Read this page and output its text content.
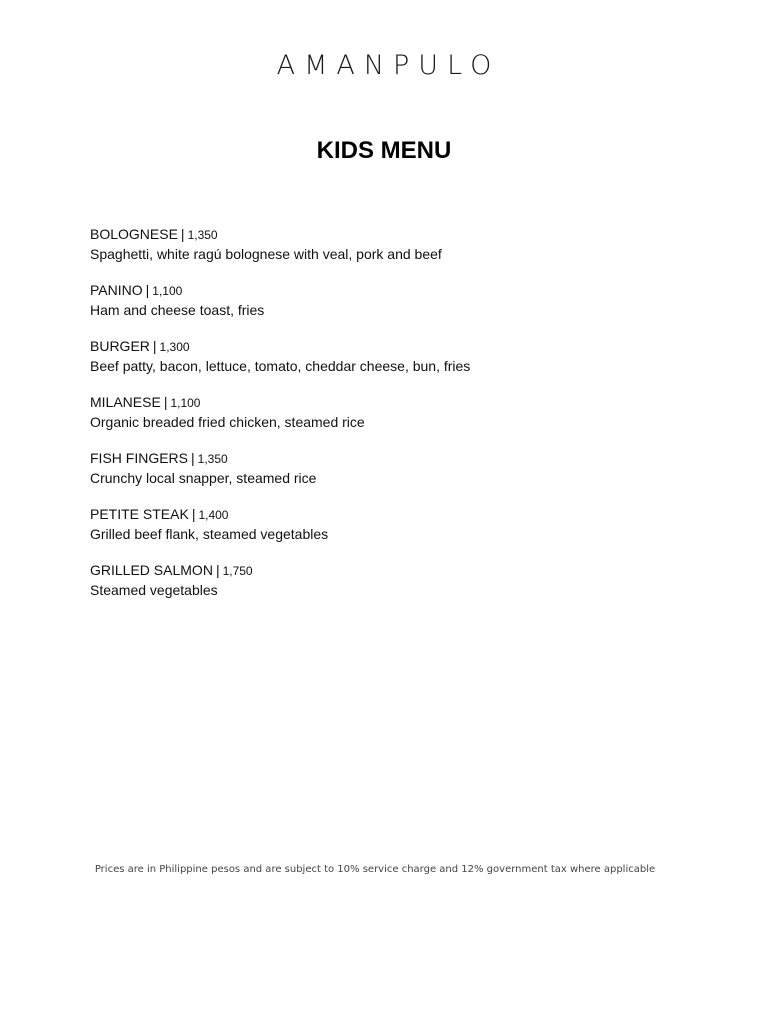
AMANPULO
KIDS MENU
BOLOGNESE | 1,350
Spaghetti, white ragú bolognese with veal, pork and beef
PANINO | 1,100
Ham and cheese toast, fries
BURGER | 1,300
Beef patty, bacon, lettuce, tomato, cheddar cheese, bun, fries
MILANESE | 1,100
Organic breaded fried chicken, steamed rice
FISH FINGERS | 1,350
Crunchy local snapper, steamed rice
PETITE STEAK | 1,400
Grilled beef flank, steamed vegetables
GRILLED SALMON | 1,750
Steamed vegetables
Prices are in Philippine pesos and are subject to 10% service charge and 12% government tax where applicable
